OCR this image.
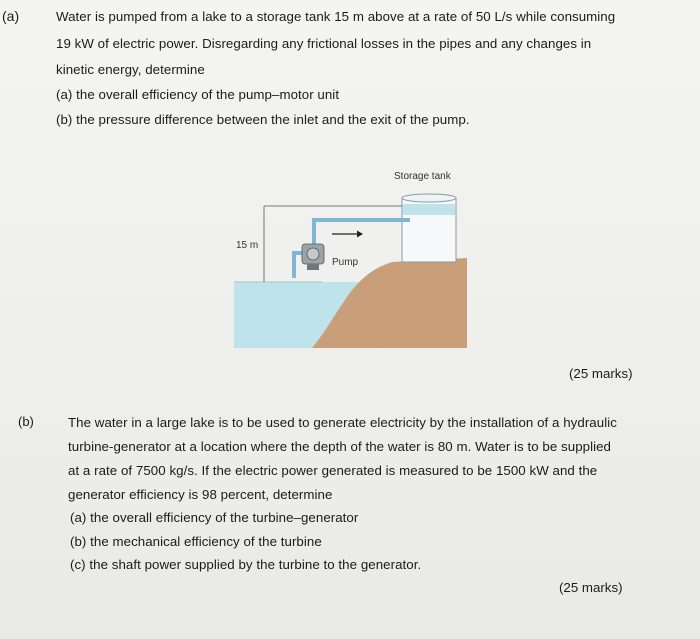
(a)	Water is pumped from a lake to a storage tank 15 m above at a rate of 50 L/s while consuming
19 kW of electric power. Disregarding any frictional losses in the pipes and any changes in
kinetic energy, determine
(a) the overall efficiency of the pump–motor unit
(b) the pressure difference between the inlet and the exit of the pump.
Storage tank
15 m
Pump
(25 marks)
(b)	The water in a large lake is to be used to generate electricity by the installation of a hydraulic
turbine-generator at a location where the depth of the water is 80 m. Water is to be supplied
at a rate of 7500 kg/s. If the electric power generated is measured to be 1500 kW and the
generator efficiency is 98 percent, determine
(a) the overall efficiency of the turbine–generator
(b) the mechanical efficiency of the turbine
(c) the shaft power supplied by the turbine to the generator.
(25 marks)
